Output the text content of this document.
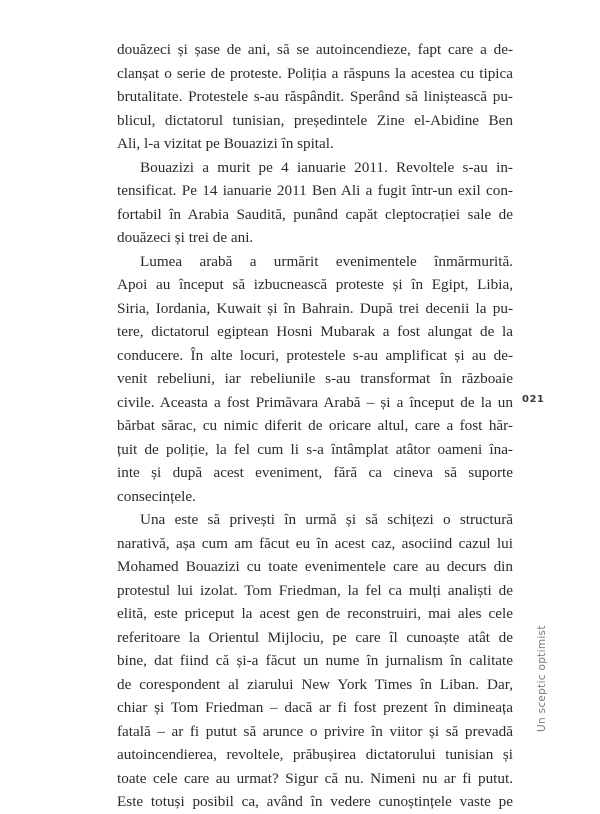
douăzeci și șase de ani, să se autoincendieze, fapt care a de-
clanșat o serie de proteste. Poliția a răspuns la acestea cu tipica
brutalitate. Protestele s-au răspândit. Sperând să liniștească pu-
blicul, dictatorul tunisian, președintele Zine el-Abidine Ben
Ali, l-a vizitat pe Bouazizi în spital.
Bouazizi a murit pe 4 ianuarie 2011. Revoltele s-au in-
tensificat. Pe 14 ianuarie 2011 Ben Ali a fugit într-un exil con-
fortabil în Arabia Saudită, punând capăt cleptocrației sale de
douăzeci și trei de ani.
Lumea arabă a urmărit evenimentele înmărmurită.
Apoi au început să izbucnească proteste și în Egipt, Libia,
Siria, Iordania, Kuwait și în Bahrain. După trei decenii la pu-
tere, dictatorul egiptean Hosni Mubarak a fost alungat de la
conducere. În alte locuri, protestele s-au amplificat și au de-
venit rebeliuni, iar rebeliunile s-au transformat în războaie
civile. Aceasta a fost Primăvara Arabă – și a început de la un
bărbat sărac, cu nimic diferit de oricare altul, care a fost hăr-
țuit de poliție, la fel cum li s-a întâmplat atâtor oameni îna-
inte și după acest eveniment, fără ca cineva să suporte
consecințele.
Una este să privești în urmă și să schițezi o structură
narativă, așa cum am făcut eu în acest caz, asociind cazul lui
Mohamed Bouazizi cu toate evenimentele care au decurs din
protestul lui izolat. Tom Friedman, la fel ca mulți analiști de
elită, este priceput la acest gen de reconstruiri, mai ales cele
referitoare la Orientul Mijlociu, pe care îl cunoaște atât de
bine, dat fiind că și-a făcut un nume în jurnalism în calitate
de corespondent al ziarului New York Times în Liban. Dar,
chiar și Tom Friedman – dacă ar fi fost prezent în dimineața
fatală – ar fi putut să arunce o privire în viitor și să prevadă
autoincendierea, revoltele, prăbușirea dictatorului tunisian și
toate cele care au urmat? Sigur că nu. Nimeni nu ar fi putut.
Este totuși posibil ca, având în vedere cunoștințele vaste pe
021
Un sceptic optimist
